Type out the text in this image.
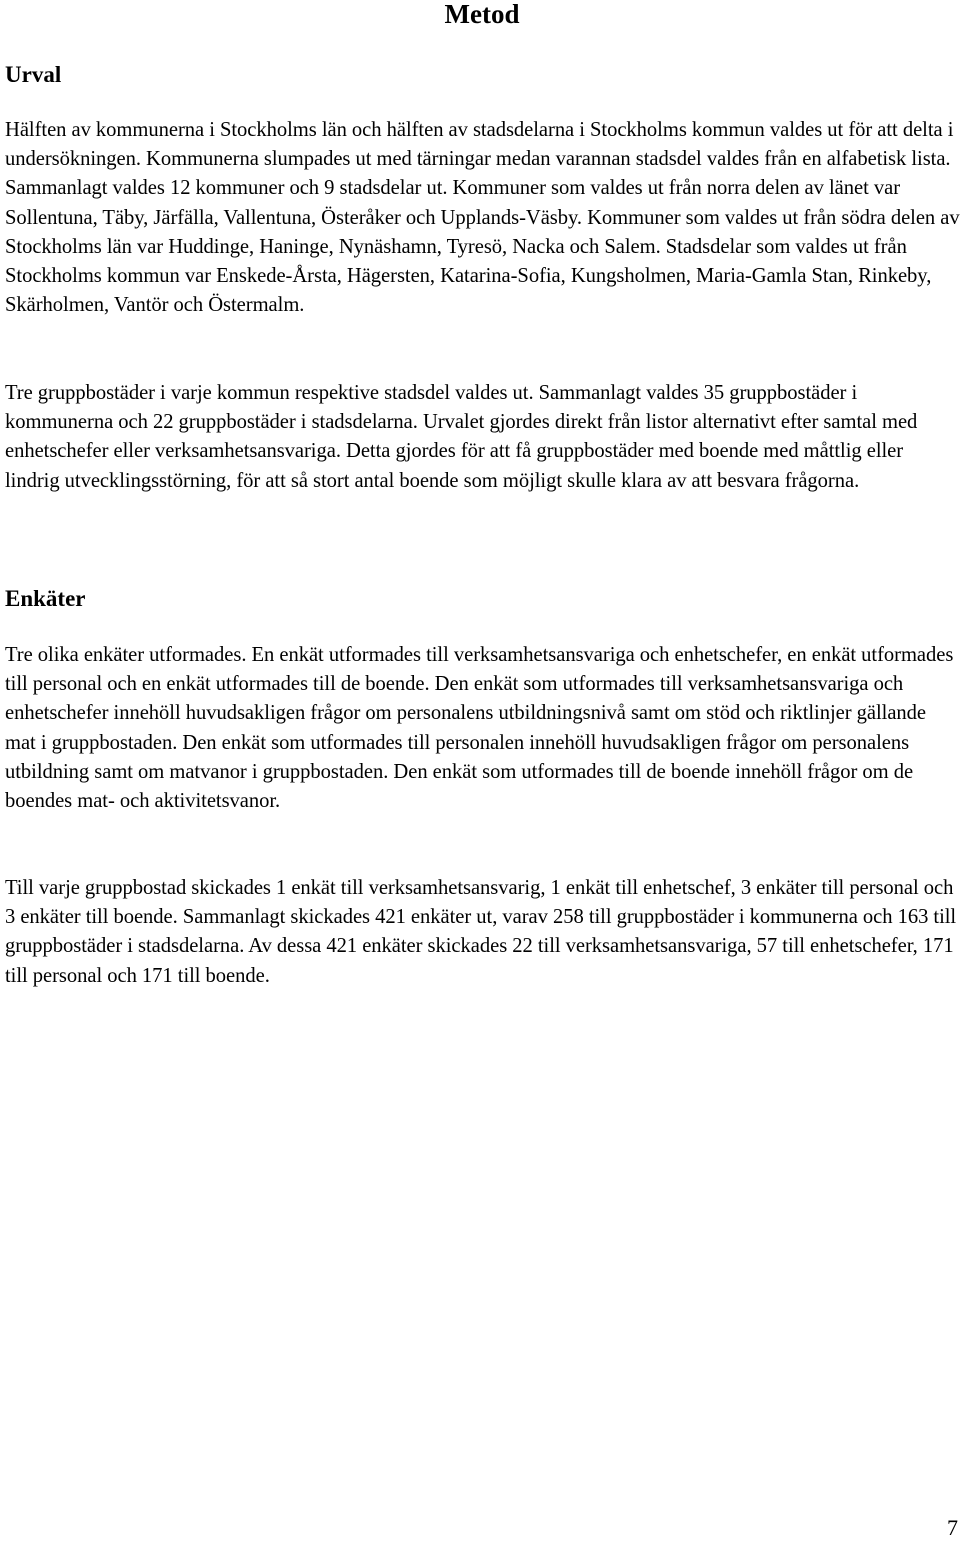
Metod
Urval

Hälften av kommunerna i Stockholms län och hälften av stadsdelarna i Stockholms kommun valdes ut för att delta i undersökningen. Kommunerna slumpades ut med tärningar medan varannan stadsdel valdes från en alfabetisk lista. Sammanlagt valdes 12 kommuner och 9 stadsdelar ut. Kommuner som valdes ut från norra delen av länet var Sollentuna, Täby, Järfälla, Vallentuna, Österåker och Upplands-Väsby. Kommuner som valdes ut från södra delen av Stockholms län var Huddinge, Haninge, Nynäshamn, Tyresö, Nacka och Salem. Stadsdelar som valdes ut från Stockholms kommun var Enskede-Årsta, Hägersten, Katarina-Sofia, Kungsholmen, Maria-Gamla Stan, Rinkeby, Skärholmen, Vantör och Östermalm.

Tre gruppbostäder i varje kommun respektive stadsdel valdes ut. Sammanlagt valdes 35 gruppbostäder i kommunerna och 22 gruppbostäder i stadsdelarna. Urvalet gjordes direkt från listor alternativt efter samtal med enhetschefer eller verksamhetsansvariga. Detta gjordes för att få gruppbostäder med boende med måttlig eller lindrig utvecklingsstörning, för att så stort antal boende som möjligt skulle klara av att besvara frågorna.

Enkäter

Tre olika enkäter utformades. En enkät utformades till verksamhetsansvariga och enhetschefer, en enkät utformades till personal och en enkät utformades till de boende. Den enkät som utformades till verksamhetsansvariga och enhetschefer innehöll huvudsakligen frågor om personalens utbildningsnivå samt om stöd och riktlinjer gällande mat i gruppbostaden. Den enkät som utformades till personalen innehöll huvudsakligen frågor om personalens utbildning samt om matvanor i gruppbostaden. Den enkät som utformades till de boende innehöll frågor om de boendes mat- och aktivitetsvanor.

Till varje gruppbostad skickades 1 enkät till verksamhetsansvarig, 1 enkät till enhetschef, 3 enkäter till personal och 3 enkäter till boende. Sammanlagt skickades 421 enkäter ut, varav 258 till gruppbostäder i kommunerna och 163 till gruppbostäder i stadsdelarna. Av dessa 421 enkäter skickades 22 till verksamhetsansvariga, 57 till enhetschefer, 171 till personal och 171 till boende.

7
